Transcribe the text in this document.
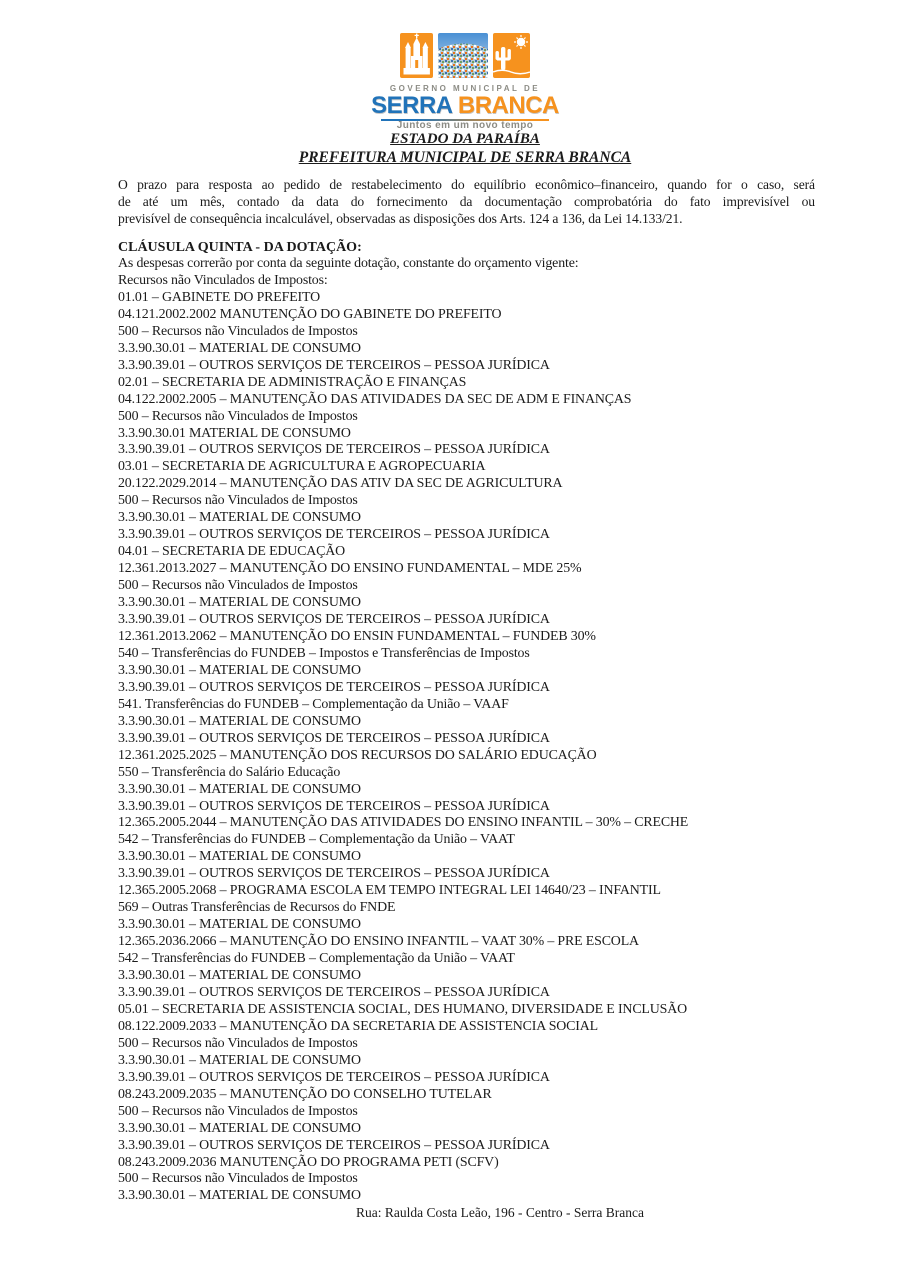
GOVERNO MUNICIPAL DE
SERRA BRANCA
Juntos em um novo tempo
ESTADO DA PARAÍBA
PREFEITURA MUNICIPAL DE SERRA BRANCA
O prazo para resposta ao pedido de restabelecimento do equilíbrio econômico–financeiro, quando for o caso, será
de até um mês, contado da data do fornecimento da documentação comprobatória do fato imprevisível ou
previsível de consequência incalculável, observadas as disposições dos Arts. 124 a 136, da Lei 14.133/21.
CLÁUSULA QUINTA - DA DOTAÇÃO:
As despesas correrão por conta da seguinte dotação, constante do orçamento vigente:
Recursos não Vinculados de Impostos:
01.01 – GABINETE DO PREFEITO
04.121.2002.2002 MANUTENÇÃO DO GABINETE DO PREFEITO
500 – Recursos não Vinculados de Impostos
3.3.90.30.01 – MATERIAL DE CONSUMO
3.3.90.39.01 – OUTROS SERVIÇOS DE TERCEIROS – PESSOA JURÍDICA
02.01 – SECRETARIA DE ADMINISTRAÇÃO E FINANÇAS
04.122.2002.2005 – MANUTENÇÃO DAS ATIVIDADES DA SEC DE ADM E FINANÇAS
500 – Recursos não Vinculados de Impostos
3.3.90.30.01 MATERIAL DE CONSUMO
3.3.90.39.01 – OUTROS SERVIÇOS DE TERCEIROS – PESSOA JURÍDICA
03.01 – SECRETARIA DE AGRICULTURA E AGROPECUARIA
20.122.2029.2014 – MANUTENÇÃO DAS ATIV DA SEC DE AGRICULTURA
500 – Recursos não Vinculados de Impostos
3.3.90.30.01 – MATERIAL DE CONSUMO
3.3.90.39.01 – OUTROS SERVIÇOS DE TERCEIROS – PESSOA JURÍDICA
04.01 – SECRETARIA DE EDUCAÇÃO
12.361.2013.2027 – MANUTENÇÃO DO ENSINO FUNDAMENTAL – MDE 25%
500 – Recursos não Vinculados de Impostos
3.3.90.30.01 – MATERIAL DE CONSUMO
3.3.90.39.01 – OUTROS SERVIÇOS DE TERCEIROS – PESSOA JURÍDICA
12.361.2013.2062 – MANUTENÇÃO DO ENSIN FUNDAMENTAL – FUNDEB 30%
540 – Transferências do FUNDEB – Impostos e Transferências de Impostos
3.3.90.30.01 – MATERIAL DE CONSUMO
3.3.90.39.01 – OUTROS SERVIÇOS DE TERCEIROS – PESSOA JURÍDICA
541. Transferências do FUNDEB – Complementação da União – VAAF
3.3.90.30.01 – MATERIAL DE CONSUMO
3.3.90.39.01 – OUTROS SERVIÇOS DE TERCEIROS – PESSOA JURÍDICA
12.361.2025.2025 – MANUTENÇÃO DOS RECURSOS DO SALÁRIO EDUCAÇÃO
550 – Transferência do Salário Educação
3.3.90.30.01 – MATERIAL DE CONSUMO
3.3.90.39.01 – OUTROS SERVIÇOS DE TERCEIROS – PESSOA JURÍDICA
12.365.2005.2044 – MANUTENÇÃO DAS ATIVIDADES DO ENSINO INFANTIL – 30% – CRECHE
542 – Transferências do FUNDEB – Complementação da União – VAAT
3.3.90.30.01 – MATERIAL DE CONSUMO
3.3.90.39.01 – OUTROS SERVIÇOS DE TERCEIROS – PESSOA JURÍDICA
12.365.2005.2068 – PROGRAMA ESCOLA EM TEMPO INTEGRAL LEI 14640/23 – INFANTIL
569 – Outras Transferências de Recursos do FNDE
3.3.90.30.01 – MATERIAL DE CONSUMO
12.365.2036.2066 – MANUTENÇÃO DO ENSINO INFANTIL – VAAT 30% – PRE ESCOLA
542 – Transferências do FUNDEB – Complementação da União – VAAT
3.3.90.30.01 – MATERIAL DE CONSUMO
3.3.90.39.01 – OUTROS SERVIÇOS DE TERCEIROS – PESSOA JURÍDICA
05.01 – SECRETARIA DE ASSISTENCIA SOCIAL, DES HUMANO, DIVERSIDADE E INCLUSÃO
08.122.2009.2033 – MANUTENÇÃO DA SECRETARIA DE ASSISTENCIA SOCIAL
500 – Recursos não Vinculados de Impostos
3.3.90.30.01 – MATERIAL DE CONSUMO
3.3.90.39.01 – OUTROS SERVIÇOS DE TERCEIROS – PESSOA JURÍDICA
08.243.2009.2035 – MANUTENÇÃO DO CONSELHO TUTELAR
500 – Recursos não Vinculados de Impostos
3.3.90.30.01 – MATERIAL DE CONSUMO
3.3.90.39.01 – OUTROS SERVIÇOS DE TERCEIROS – PESSOA JURÍDICA
08.243.2009.2036 MANUTENÇÃO DO PROGRAMA PETI (SCFV)
500 – Recursos não Vinculados de Impostos
3.3.90.30.01 – MATERIAL DE CONSUMO
Rua: Raulda Costa Leão, 196 - Centro - Serra Branca
